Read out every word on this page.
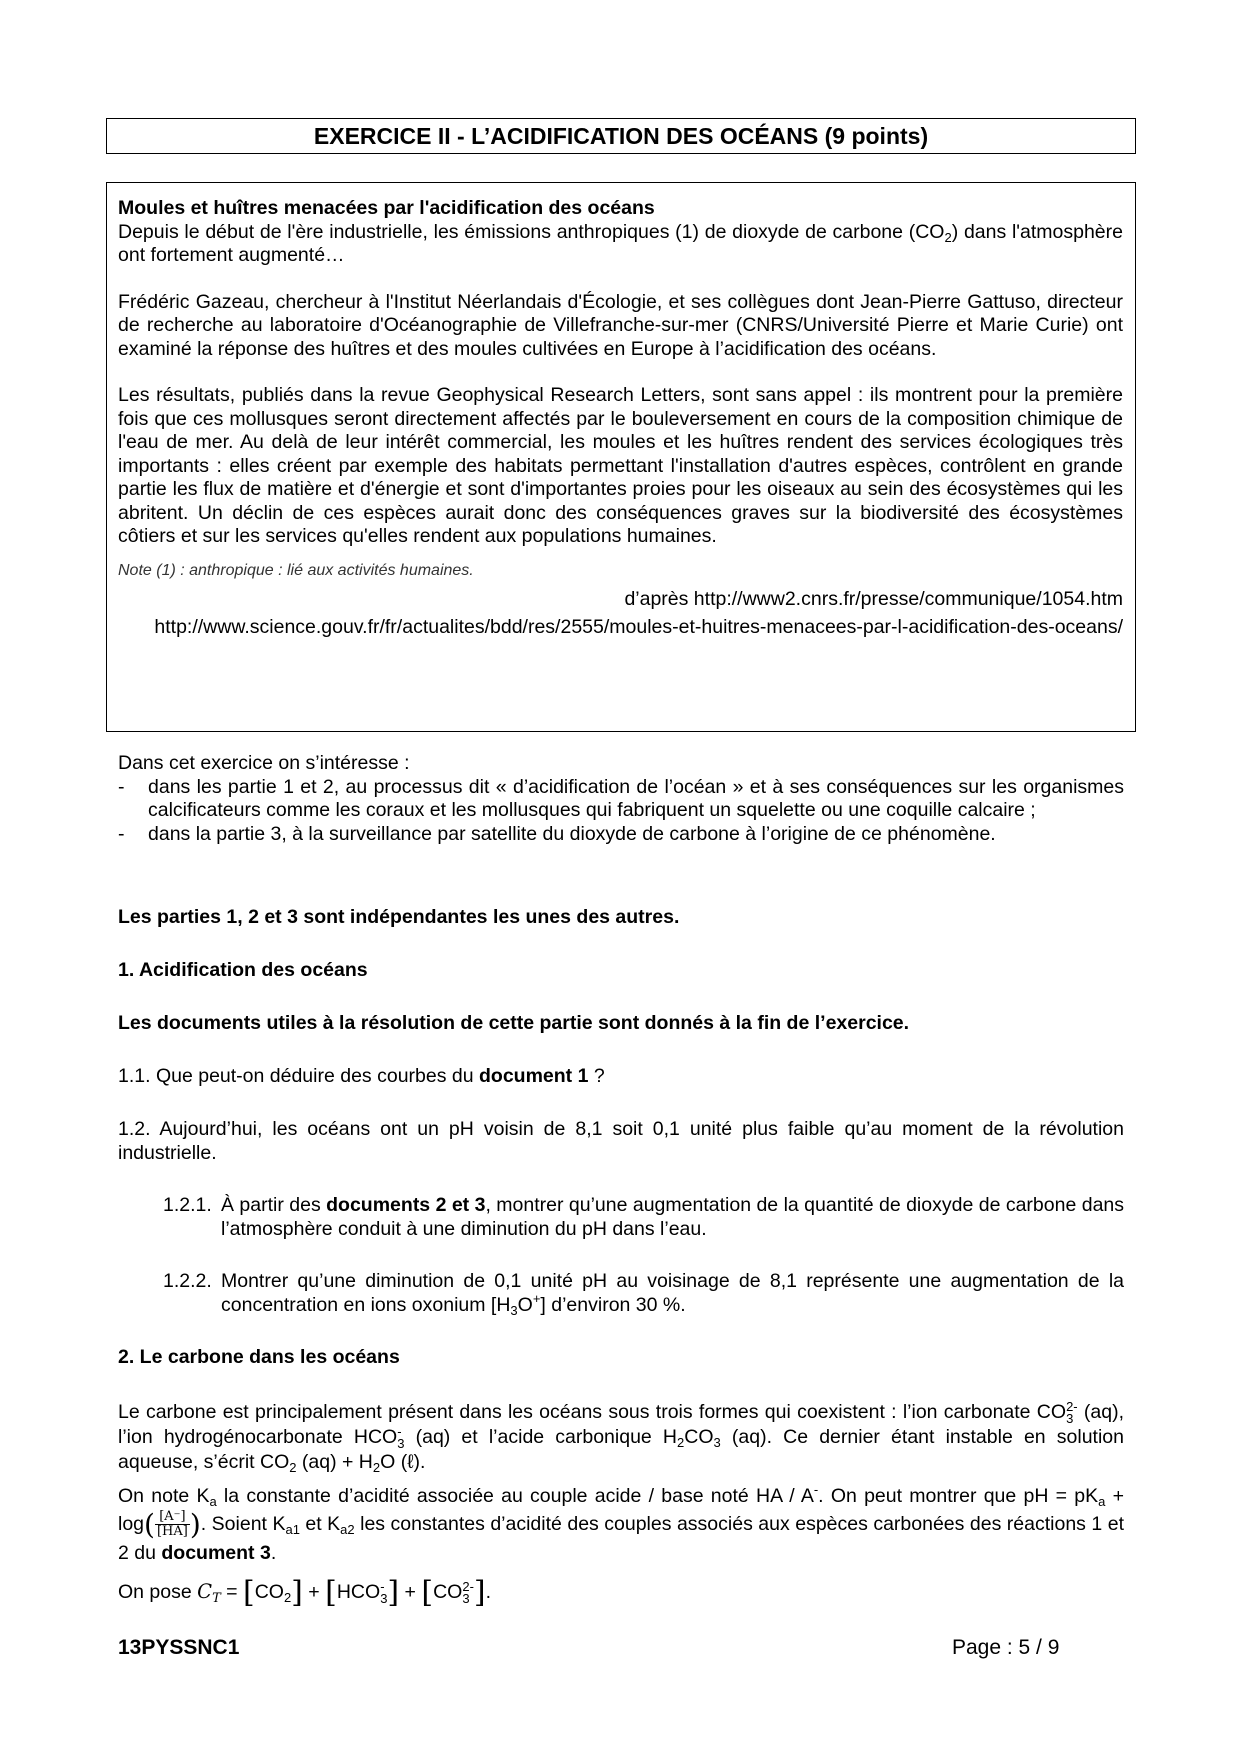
EXERCICE II - L’ACIDIFICATION DES OCÉANS (9 points)

Moules et huîtres menacées par l'acidification des océans

Depuis le début de l'ère industrielle, les émissions anthropiques (1) de dioxyde de carbone $(CO_2)$ dans l'atmosphère ont fortement augmenté…

Frédéric Gazeau, chercheur à l'Institut Néerlandais d'Écologie, et ses collègues dont Jean-Pierre Gattuso, directeur de recherche au laboratoire d'Océanographie de Villefranche-sur-mer (CNRS/Université Pierre et Marie Curie) ont examiné la réponse des huîtres et des moules cultivées en Europe à l’acidification des océans.

Les résultats, publiés dans la revue Geophysical Research Letters, sont sans appel : ils montrent pour la première fois que ces mollusques seront directement affectés par le bouleversement en cours de la composition chimique de l'eau de mer. Au delà de leur intérêt commercial, les moules et les huîtres rendent des services écologiques très importants : elles créent par exemple des habitats permettant l'installation d'autres espèces, contrôlent en grande partie les flux de matière et d'énergie et sont d'importantes proies pour les oiseaux au sein des écosystèmes qui les abritent. Un déclin de ces espèces aurait donc des conséquences graves sur la biodiversité des écosystèmes côtiers et sur les services qu'elles rendent aux populations humaines.

Note (1) : anthropique : lié aux activités humaines.

d’après http://www2.cnrs.fr/presse/communique/1054.htm

http://www.science.gouv.fr/fr/actualites/bdd/res/2555/moules-et-huitres-menacees-par-l-acidification-des-oceans/

Dans cet exercice on s’intéresse :

- dans les partie 1 et 2, au processus dit « d’acidification de l’océan » et à ses conséquences sur les organismes calcificateurs comme les coraux et les mollusques qui fabriquent un squelette ou une coquille calcaire ;
- dans la partie 3, à la surveillance par satellite du dioxyde de carbone à l’origine de ce phénomène.
Les parties 1, 2 et 3 sont indépendantes les unes des autres.
1. Acidification des océans
Les documents utiles à la résolution de cette partie sont donnés à la fin de l’exercice.
1.1. Que peut-on déduire des courbes du document 1 ?

1.2. Aujourd’hui, les océans ont un pH voisin de 8,1 soit 0,1 unité plus faible qu’au moment de la révolution industrielle.

1.2.1. À partir des documents 2 et 3, montrer qu’une augmentation de la quantité de dioxyde de carbone dans l’atmosphère conduit à une diminution du pH dans l’eau.
1.2.2. Montrer qu’une diminution de 0,1 unité pH au voisinage de 8,1 représente une augmentation de la concentration en ions oxonium $[H_3O^+]$ d’environ 30 %.
2. Le carbone dans les océans

Le carbone est principalement présent dans les océans sous trois formes qui coexistent : l’ion carbonate CO 2-
3 (aq), l’ion hydrogénocarbonate HCO -
3 (aq) et l’acide carbonique $H_2CO_3$ (aq). Ce dernier étant instable en solution aqueuse, s’écrit $CO_2$ $(aq) + H_2O$ (ℓ).

On note $K_a$ la constante d’acidité associée au couple acide / base noté HA / A-. On peut montrer que pH = $pK_a + \log( \frac{[A^-]}{[HA]}$ ). Soient $K_{a1}$ et $K_{a2}$ les constantes d’acidité des couples associés aux espèces carbonées des réactions 1 et 2 du document 3.

On pose $C_T = [CO_2] + [HCO$ -
3 ] + [CO 2-
3 ].
13PYSSNC1	Page : 5 / 9
